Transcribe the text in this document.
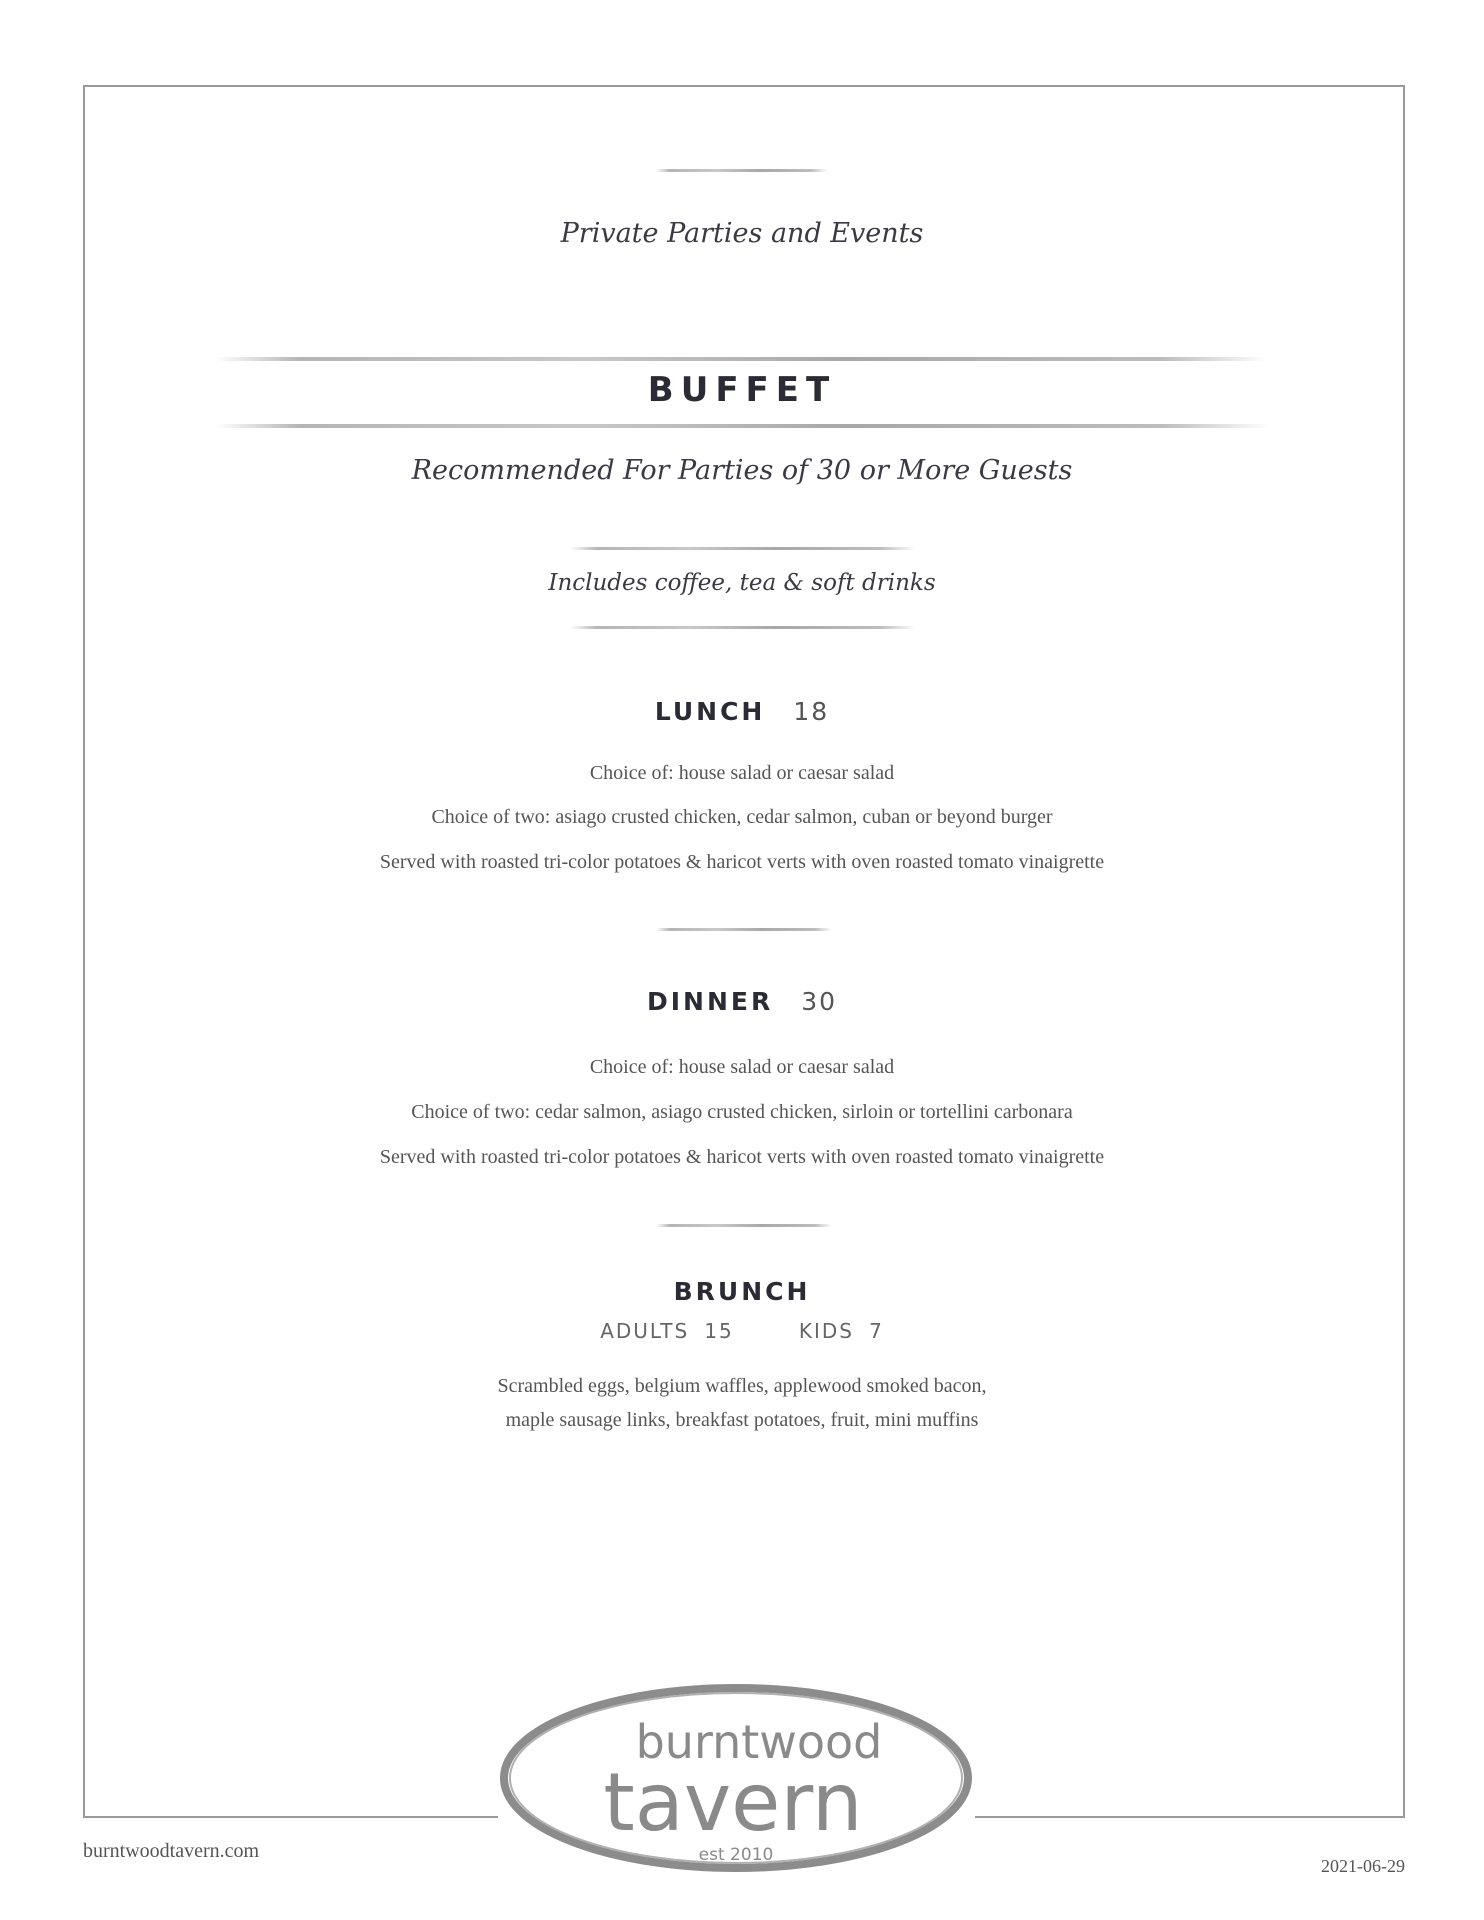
Private Parties and Events
BUFFET
Recommended For Parties of 30 or More Guests
Includes coffee, tea & soft drinks
LUNCH 18
Choice of: house salad or caesar salad
Choice of two: asiago crusted chicken, cedar salmon, cuban or beyond burger
Served with roasted tri-color potatoes & haricot verts with oven roasted tomato vinaigrette
DINNER 30
Choice of: house salad or caesar salad
Choice of two: cedar salmon, asiago crusted chicken, sirloin or tortellini carbonara
Served with roasted tri-color potatoes & haricot verts with oven roasted tomato vinaigrette
BRUNCH
ADULTS 15	KIDS 7
Scrambled eggs, belgium waffles, applewood smoked bacon,
maple sausage links, breakfast potatoes, fruit, mini muffins
burntwood
tavern
est 2010
burntwoodtavern.com
2021-06-29
